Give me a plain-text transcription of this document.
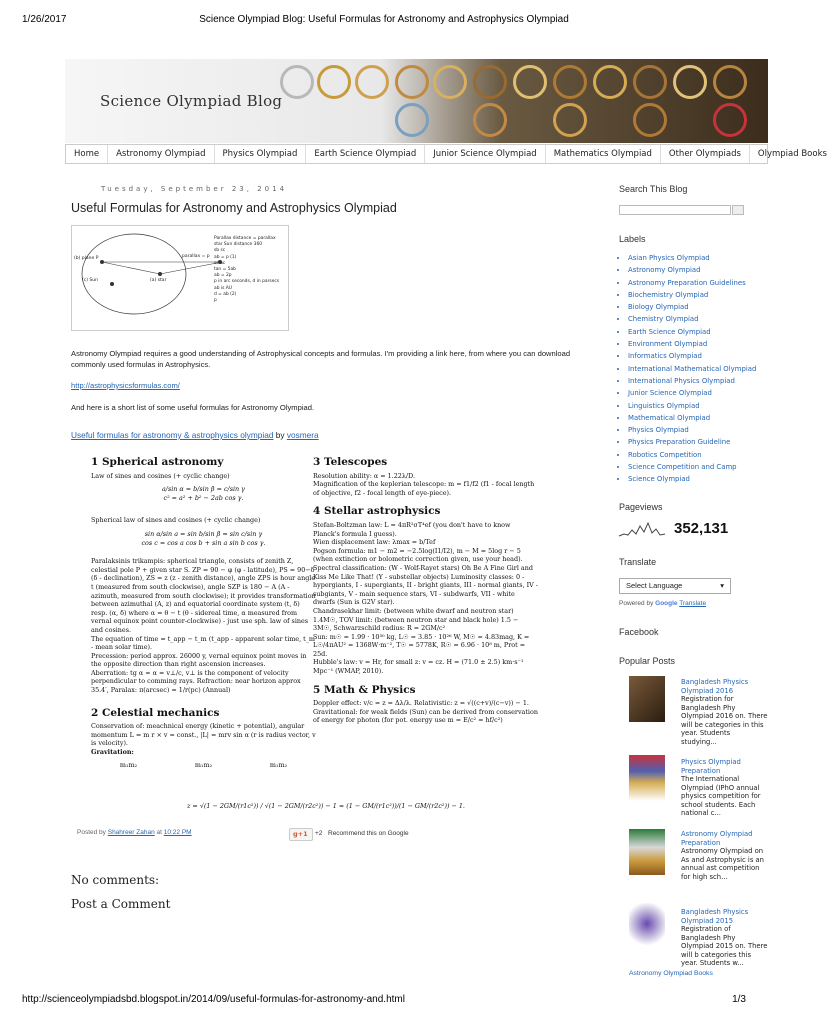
1/26/2017	Science Olympiad Blog: Useful Formulas for Astronomy and Astrophysics Olympiad
Science Olympiad Blog
Home	Astronomy Olympiad	Physics Olympiad	Earth Science Olympiad	Junior Science Olympiad	Mathematics Olympiad	Other Olympiads	Olympiad Books
Tuesday, September 23, 2014
Useful Formulas for Astronomy and Astrophysics Olympiad
(b) plane P
(c) Sun	(a) star
parallax = p
Parallax distance = parallax
star Sun distance 360
sb sc
ab = p (1)
sc ac
tan = 5ab
ab = 2p
p in arc seconds, d in parsecs
ab is AU
d = ab (2)
p
Astronomy Olympiad requires a good understanding of Astrophysical concepts and formulas. I'm providing a link here, from where you can download commonly used formulas in Astrophysics.
http://astrophysicsformulas.com/
And here is a short list of some useful formulas for Astronomy Olympiad.
Useful formulas for astronomy & astrophysics olympiad by vosmera
1 Spherical astronomy
Law of sines and cosines (+ cyclic change)
a/sin α = b/sin β = c/sin γ
c² = a² + b² − 2ab cos γ.
Spherical law of sines and cosines (+ cyclic change)
sin α/sin a = sin b/sin β = sin c/sin γ
cos c = cos a cos b + sin a sin b cos γ.
Paralaksinis trikampis: spherical triangle, consists of zenith Z, celestial pole P + given star S. ZP = 90 − φ (φ - latitude), PS = 90−δ (δ - declination), ZS = z (z - zenith distance), angle ZPS is hour angle t (measured from south clockwise), angle SZP is 180 − A (A - azimuth, measured from south clockwise); it provides transformation between azimuthal (A, z) and equatorial coordinate system (t, δ) resp. (α, δ) where α = θ − t (θ - sidereal time, α measured from vernal equinox point counter-clockwise) - just use sph. law of sines and cosines.
The equation of time = t_app − t_m (t_app - apparent solar time, t_m - mean solar time).
Precession: period approx. 26000 y, vernal equinox point moves in the opposite direction than right ascension increases.
Aberration: tg α ≈ α = v⊥/c, v⊥ is the component of velocity perpendicular to comming rays. Refraction: near horizon approx 35.4′, Paralax: π(arcsec) = 1/r(pc) (Annual)
2 Celestial mechanics
Conservation of: meachnical energy (kinetic + potential), angular momentum L = m r × v = const., |L| = mrv sin α (r is radius vector, v is velocity).
Gravitation:
m₁m₂	m₁m₂	m₁m₂
3 Telescopes
Resolution ability: α = 1.22λ/D.
Magnification of the keplerian telescope: m = f1/f2 (f1 - focal length of objective, f2 - focal length of eye-piece).
4 Stellar astrophysics
Stefan-Boltzman law: L = 4πR²σT⁴ef (you don't have to know Planck's formula I guess).
Wien displacement law: λmax = b/Tef
Pogson formula: m1 − m2 = −2.5log(I1/I2), m − M = 5log r − 5 (when extinction or bolometric correction given, use your head).
Spectral classification: (W - Wolf-Rayet stars) Oh Be A Fine Girl and Kiss Me Like That! (Y - substellar objects) Luminosity classes: 0 - hypergiants, I - supergiants, II - bright giants, III - normal giants, IV - subgiants, V - main sequence stars, VI - subdwarfs, VII - white dwarfs (Sun is G2V star).
Chandrasekhar limit: (between white dwarf and neutron star) 1.4M☉, TOV limit: (between neutron star and black hole) 1.5 − 3M☉, Schwarzschild radius: R = 2GM/c²
Sun: m☉ = 1.99 · 10³⁰ kg, L☉ = 3.85 · 10²⁶ W, M☉ = 4.83mag, K = L☉/4πAU² = 1368W·m⁻², T☉ = 5778K, R☉ = 6.96 · 10⁸ m, Prot = 25d.
Hubble's law: v = Hr, for small z: v = cz. H = (71.0 ± 2.5) km·s⁻¹ Mpc⁻¹ (WMAP, 2010).
5 Math & Physics
Doppler effect: v/c = z = Δλ/λ. Relativistic: z = √((c+v)/(c−v)) − 1. Gravitational: for weak fields (Sun) can be derived from conservation of energy for photon (for pot. energy use m = E/c² = hf/c²)
z = √(1 − 2GM/(r1c²)) / √(1 − 2GM/(r2c²)) − 1 ≈ (1 − GM/(r1c²))/(1 − GM/(r2c²)) − 1.
Posted by Shahreer Zahan at 10:22 PM	g+1 +2 Recommend this on Google
No comments:
Post a Comment
Search This Blog
Labels
• Asian Physics Olympiad
• Astronomy Olympiad
• Astronomy Preparation Guidelines
• Biochemistry Olympiad
• Biology Olympiad
• Chemistry Olympiad
• Earth Science Olympiad
• Environment Olympiad
• Informatics Olympiad
• International Mathematical Olympiad
• International Physics Olympiad
• Junior Science Olympiad
• Linguistics Olympiad
• Mathematical Olympiad
• Physics Olympiad
• Physics Preparation Guideline
• Robotics Competition
• Science Competition and Camp
• Science Olympiad
Pageviews
352,131
Translate
Select Language	▾
Powered by Google Translate
Facebook
Popular Posts
Bangladesh Physics Olympiad 2016
Registration for Bangladesh Phy Olympiad 2016 on. There will be categories in this year. Students studying...
Physics Olympiad Preparation
The International Olympiad (IPhO annual physics competition for school students. Each national c...
Astronomy Olympiad Preparation
Astronomy Olympiad on As and Astrophysic is an annual ast competition for high sch...
Bangladesh Physics Olympiad 2015
Registration of Bangladesh Phy Olympiad 2015 on. There will b categories this year. Students w...
Astronomy Olympiad Books
http://scienceolympiadsbd.blogspot.in/2014/09/useful-formulas-for-astronomy-and.html	1/3
